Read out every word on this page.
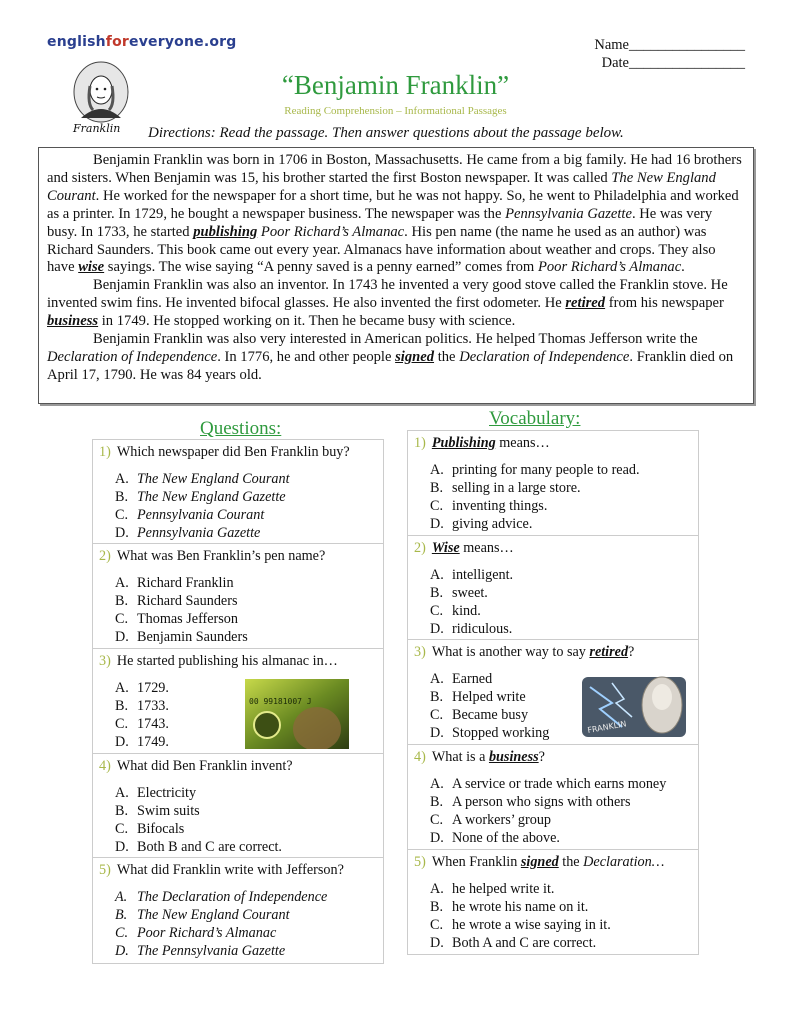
englishforeveryone.org	Name________________
Date________________
Franklin
“Benjamin Franklin”
Reading Comprehension – Informational Passages
Directions: Read the passage. Then answer questions about the passage below.

Benjamin Franklin was born in 1706 in Boston, Massachusetts. He came from a big family. He had 16 brothers and sisters. When Benjamin was 15, his brother started the first Boston newspaper. It was called The New England Courant. He worked for the newspaper for a short time, but he was not happy. So, he went to Philadelphia and worked as a printer. In 1729, he bought a newspaper business. The newspaper was the Pennsylvania Gazette. He was very busy. In 1733, he started publishing Poor Richard’s Almanac. His pen name (the name he used as an author) was Richard Saunders. This book came out every year. Almanacs have information about weather and crops. They also have wise sayings. The wise saying “A penny saved is a penny earned” comes from Poor Richard’s Almanac.

Benjamin Franklin was also an inventor. In 1743 he invented a very good stove called the Franklin stove. He invented swim fins. He invented bifocal glasses. He also invented the first odometer. He retired from his newspaper business in 1749. He stopped working on it. Then he became busy with science.

Benjamin Franklin was also very interested in American politics. He helped Thomas Jefferson write the Declaration of Independence. In 1776, he and other people signed the Declaration of Independence. Franklin died on April 17, 1790. He was 84 years old.

Questions:	Vocabulary:
1) Which newspaper did Ben Franklin buy?
A. The New England Courant
B. The New England Gazette
C. Pennsylvania Courant
D. Pennsylvania Gazette
2) What was Ben Franklin’s pen name?
A. Richard Franklin
B. Richard Saunders
C. Thomas Jefferson
D. Benjamin Saunders
3) He started publishing his almanac in…
A. 1729.
B. 1733.
C. 1743.
D. 1749.
4) What did Ben Franklin invent?
A. Electricity
B. Swim suits
C. Bifocals
D. Both B and C are correct.
5) What did Franklin write with Jefferson?
A. The Declaration of Independence
B. The New England Courant
C. Poor Richard’s Almanac
D. The Pennsylvania Gazette
00 99181007 J
1) Publishing means…
A. printing for many people to read.
B. selling in a large store.
C. inventing things.
D. giving advice.
2) Wise means…
A. intelligent.
B. sweet.
C. kind.
D. ridiculous.
3) What is another way to say retired?
A. Earned
B. Helped write
C. Became busy
D. Stopped working
4) What is a business?
A. A service or trade which earns money
B. A person who signs with others
C. A workers’ group
D. None of the above.
5) When Franklin signed the Declaration…
A. he helped write it.
B. he wrote his name on it.
C. he wrote a wise saying in it.
D. Both A and C are correct.
FRANKLIN
